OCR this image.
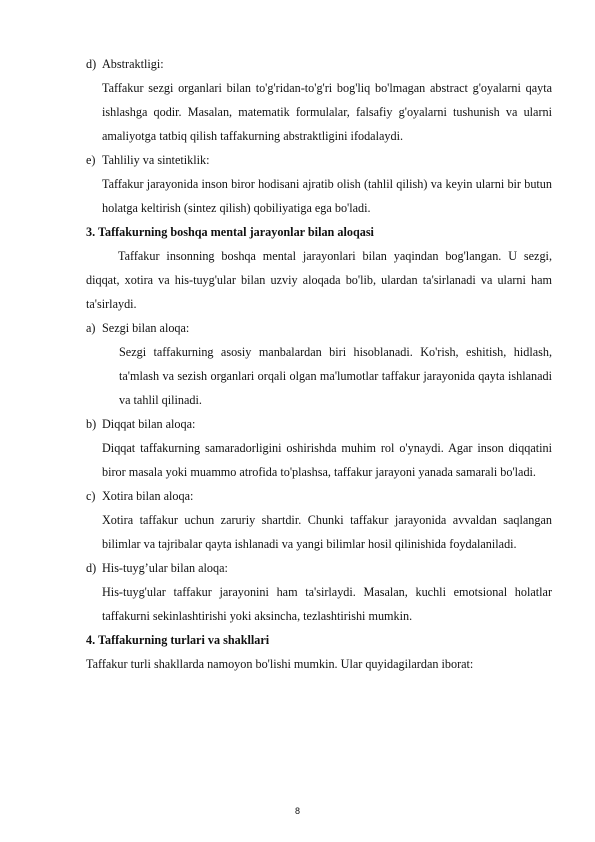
d) Abstraktligi:
Taffakur sezgi organlari bilan to'g'ridan-to'g'ri bog'liq bo'lmagan abstract g'oyalarni qayta ishlashga qodir. Masalan, matematik formulalar, falsafiy g'oyalarni tushunish va ularni amaliyotga tatbiq qilish taffakurning abstraktligini ifodalaydi.
e) Tahliliy va sintetiklik:
Taffakur jarayonida inson biror hodisani ajratib olish (tahlil qilish) va keyin ularni bir butun holatga keltirish (sintez qilish) qobiliyatiga ega bo'ladi.
3. Taffakurning boshqa mental jarayonlar bilan aloqasi
Taffakur insonning boshqa mental jarayonlari bilan yaqindan bog'langan. U sezgi, diqqat, xotira va his-tuyg'ular bilan uzviy aloqada bo'lib, ulardan ta'sirlanadi va ularni ham ta'sirlaydi.
a) Sezgi bilan aloqa:
Sezgi taffakurning asosiy manbalardan biri hisoblanadi. Ko'rish, eshitish, hidlash, ta'mlash va sezish organlari orqali olgan ma'lumotlar taffakur jarayonida qayta ishlanadi va tahlil qilinadi.
b) Diqqat bilan aloqa:
Diqqat taffakurning samaradorligini oshirishda muhim rol o'ynaydi. Agar inson diqqatini biror masala yoki muammo atrofida to'plashsa, taffakur jarayoni yanada samarali bo'ladi.
c) Xotira bilan aloqa:
Xotira taffakur uchun zaruriy shartdir. Chunki taffakur jarayonida avvaldan saqlangan bilimlar va tajribalar qayta ishlanadi va yangi bilimlar hosil qilinishida foydalaniladi.
d) His-tuyg’ular bilan aloqa:
His-tuyg'ular taffakur jarayonini ham ta'sirlaydi. Masalan, kuchli emotsional holatlar taffakurni sekinlashtirishi yoki aksincha, tezlashtirishi mumkin.
4. Taffakurning turlari va shakllari
Taffakur turli shakllarda namoyon bo'lishi mumkin. Ular quyidagilardan iborat:
8
